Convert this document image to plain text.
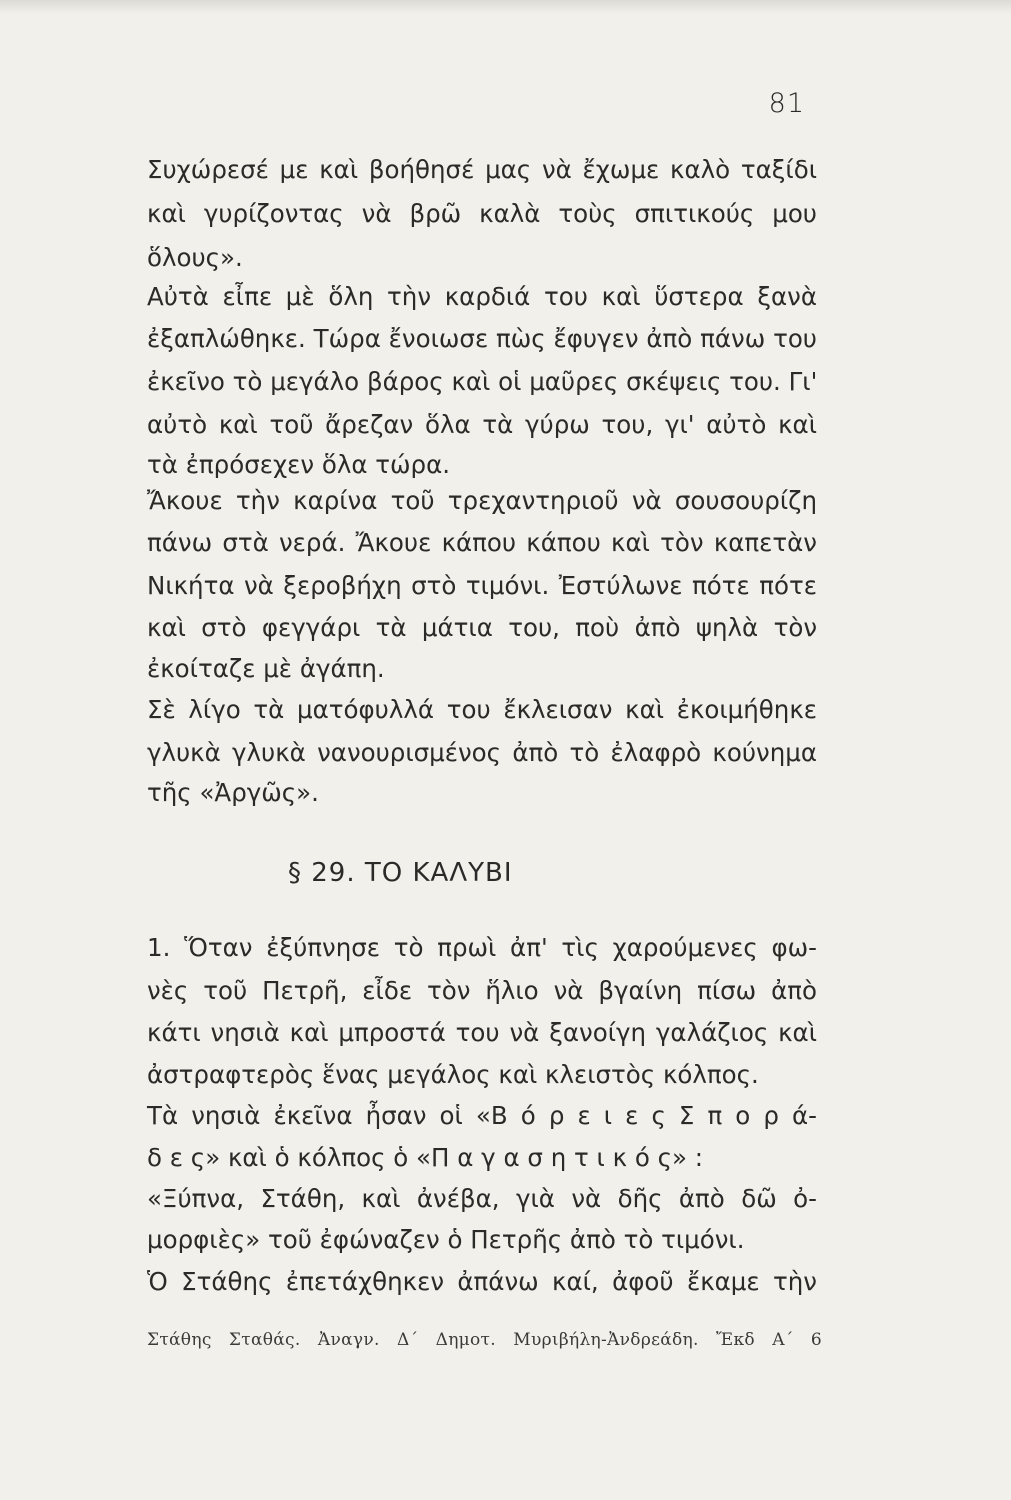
81
Συχώρεσέ με καὶ βοήθησέ μας νὰ ἔχωμε καλὸ ταξίδι
καὶ γυρίζοντας νὰ βρῶ καλὰ τοὺς σπιτικούς μου
ὅλους».
Αὐτὰ εἶπε μὲ ὅλη τὴν καρδιά του καὶ ὕστερα ξανὰ
ἐξαπλώθηκε. Τώρα ἔνοιωσε πὼς ἔφυγεν ἀπὸ πάνω του
ἐκεῖνο τὸ μεγάλο βάρος καὶ οἱ μαῦρες σκέψεις του. Γι'
αὐτὸ καὶ τοῦ ἄρεζαν ὅλα τὰ γύρω του, γι' αὐτὸ καὶ
τὰ ἐπρόσεχεν ὅλα τώρα.
Ἄκουε τὴν καρίνα τοῦ τρεχαντηριοῦ νὰ σουσουρίζη
πάνω στὰ νερά. Ἄκουε κάπου κάπου καὶ τὸν καπετὰν
Νικήτα νὰ ξεροβήχη στὸ τιμόνι. Ἐστύλωνε πότε πότε
καὶ στὸ φεγγάρι τὰ μάτια του, ποὺ ἀπὸ ψηλὰ τὸν
ἐκοίταζε μὲ ἀγάπη.
Σὲ λίγο τὰ ματόφυλλά του ἔκλεισαν καὶ ἐκοιμήθηκε
γλυκὰ γλυκὰ νανουρισμένος ἀπὸ τὸ ἐλαφρὸ κούνημα
τῆς «Ἀργῶς».
1. Ὅταν ἐξύπνησε τὸ πρωὶ ἀπ' τὶς χαρούμενες φω-
νὲς τοῦ Πετρῆ, εἶδε τὸν ἥλιο νὰ βγαίνη πίσω ἀπὸ
κάτι νησιὰ καὶ μπροστά του νὰ ξανοίγη γαλάζιος καὶ
ἀστραφτερὸς ἕνας μεγάλος καὶ κλειστὸς κόλπος.
Τὰ νησιὰ ἐκεῖνα ἦσαν οἱ «Β ό ρ ε ι ε ς Σ π ο ρ ά-
δ ε ς» καὶ ὁ κόλπος ὁ «Π α γ α σ η τ ι κ ό ς» :
«Ξύπνα, Στάθη, καὶ ἀνέβα, γιὰ νὰ δῆς ἀπὸ δῶ ὀ-
μορφιὲς» τοῦ ἐφώναζεν ὁ Πετρῆς ἀπὸ τὸ τιμόνι.
Ὁ Στάθης ἐπετάχθηκεν ἀπάνω καί, ἀφοῦ ἔκαμε τὴν
§ 29. ΤΟ ΚΑΛΥΒΙ
Στάθης Σταθάς. Ἀναγν. Δ΄ Δημοτ. Μυριβήλη-Ἀνδρεάδη. Ἔκδ Α΄ 6
